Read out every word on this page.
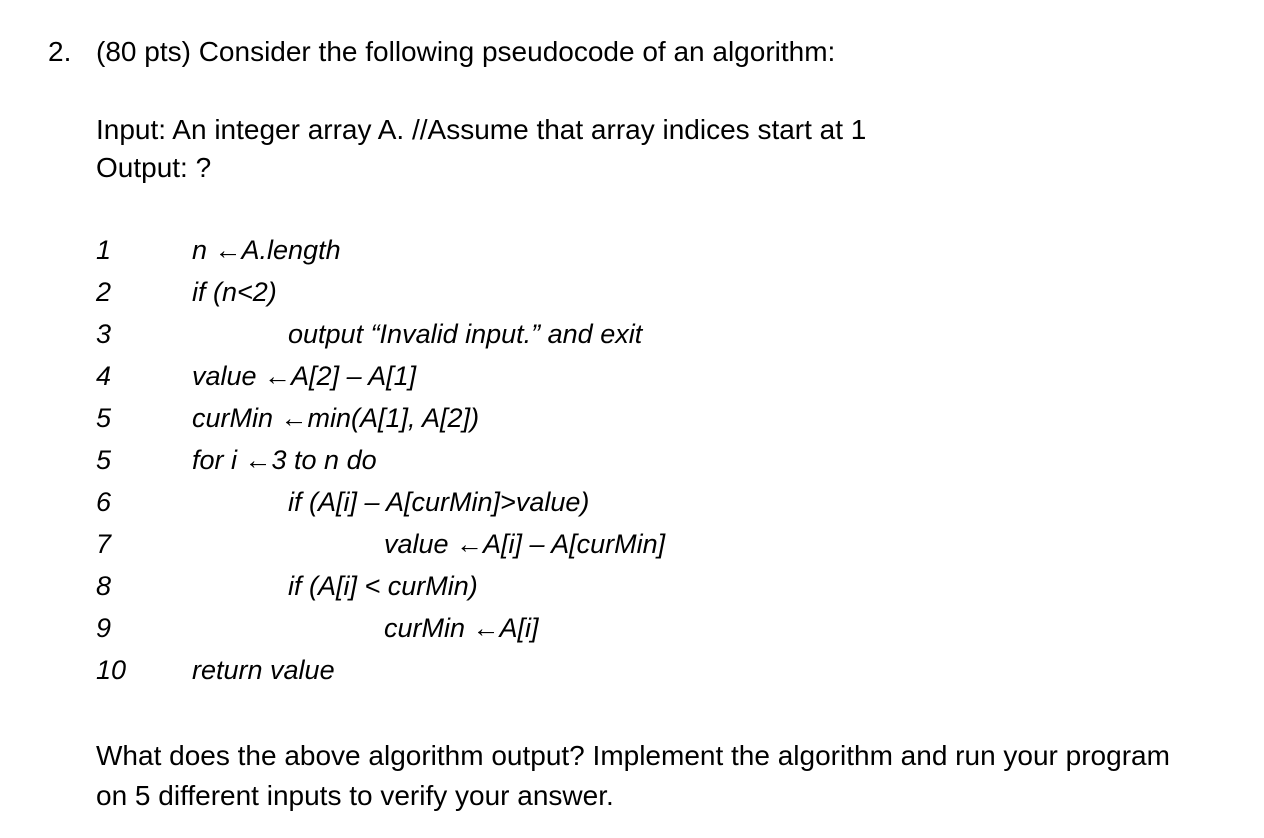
2. (80 pts) Consider the following pseudocode of an algorithm:
Input: An integer array A. //Assume that array indices start at 1
Output: ?
1	n ←A.length
2	if (n<2)
3	output “Invalid input.” and exit
4	value ←A[2] – A[1]
5	curMin ←min(A[1], A[2])
5	for i ←3 to n do
6	if (A[i] – A[curMin]>value)
7	value ←A[i] – A[curMin]
8	if (A[i] < curMin)
9	curMin ←A[i]
10	return value
What does the above algorithm output? Implement the algorithm and run your program
on 5 different inputs to verify your answer.
